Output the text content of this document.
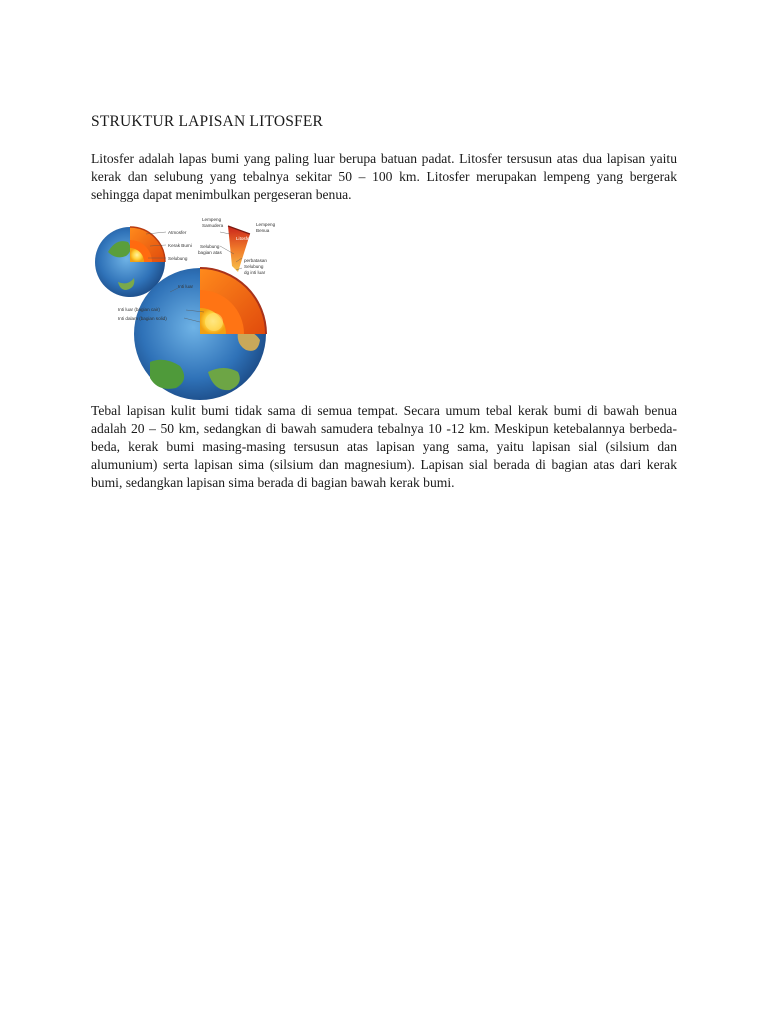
STRUKTUR LAPISAN LITOSFER

Litosfer adalah lapas bumi yang paling luar berupa batuan padat. Litosfer tersusun atas dua lapisan yaitu kerak dan selubung yang tebalnya sekitar 50 – 100 km. Litosfer merupakan lempeng yang bergerak sehingga dapat menimbulkan pergeseran benua.

Lempeng
Samudera	Lempeng
Benua
Atmosfer
Kerak Bumi
Litosfer
Selubung
bagian atas
Selubung	perbatasan
Selubung
dg inti luar
Inti luar
Inti luar (bagian cair)
Inti dalam (bagian solid)

Tebal lapisan kulit bumi tidak sama di semua tempat. Secara umum tebal kerak bumi di bawah benua adalah 20 – 50 km, sedangkan di bawah samudera tebalnya 10 -12 km. Meskipun ketebalannya berbeda-beda, kerak bumi masing-masing tersusun atas lapisan yang sama, yaitu lapisan sial (silsium dan alumunium) serta lapisan sima (silsium dan magnesium). Lapisan sial berada di bagian atas dari kerak bumi, sedangkan lapisan sima berada di bagian bawah kerak bumi.
